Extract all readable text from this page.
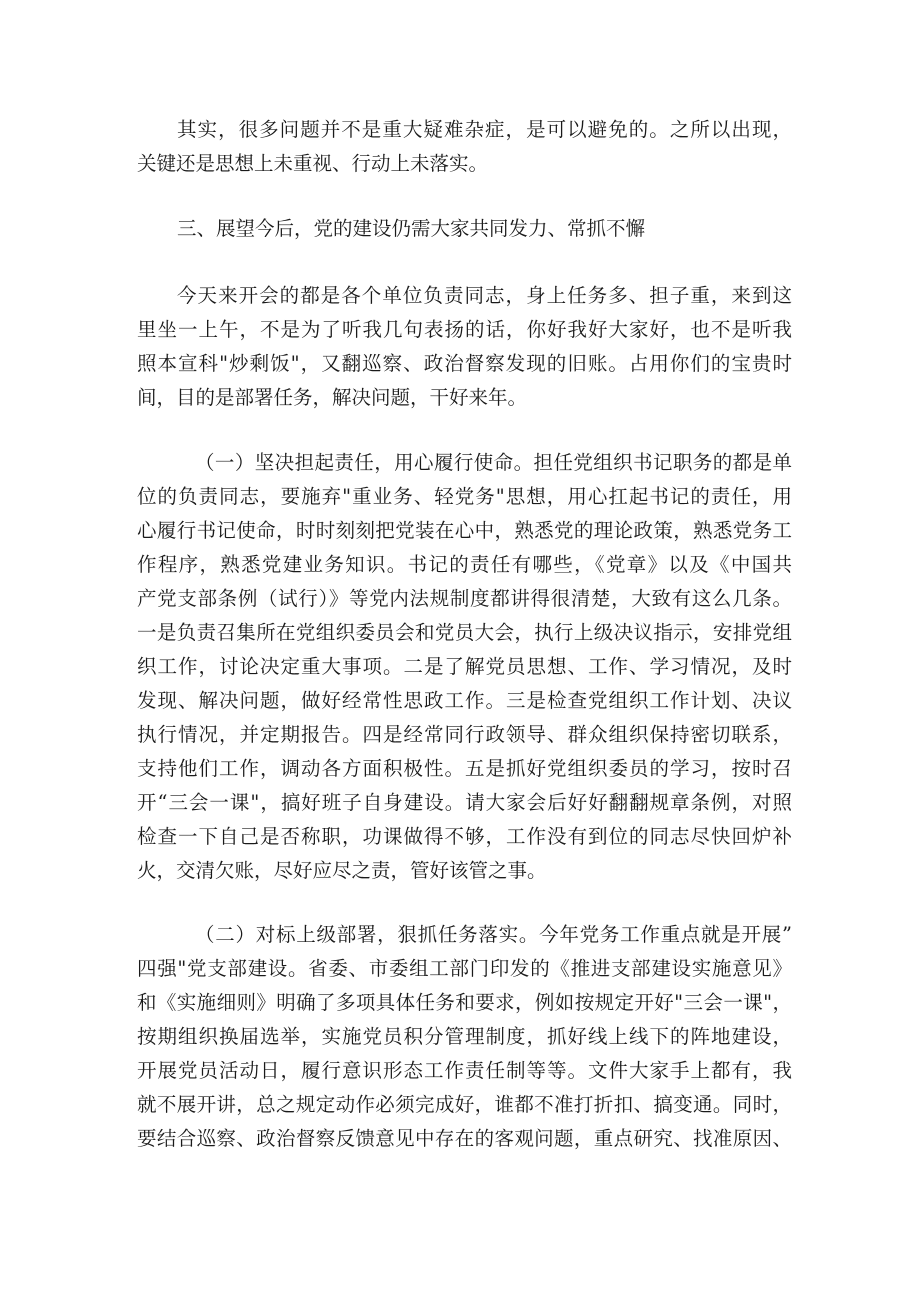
其实，很多问题并不是重大疑难杂症，是可以避免的。之所以出现，
关键还是思想上未重视、行动上未落实。
三、展望今后，党的建设仍需大家共同发力、常抓不懈
今天来开会的都是各个单位负责同志，身上任务多、担子重，来到这
里坐一上午，不是为了听我几句表扬的话，你好我好大家好，也不是听我
照本宣科"炒剩饭"，又翻巡察、政治督察发现的旧账。占用你们的宝贵时
间，目的是部署任务，解决问题，干好来年。
（一）坚决担起责任，用心履行使命。担任党组织书记职务的都是单
位的负责同志，要施弃"重业务、轻党务"思想，用心扛起书记的责任，用
心履行书记使命，时时刻刻把党装在心中，熟悉党的理论政策，熟悉党务工
作程序，熟悉党建业务知识。书记的责任有哪些，《党章》以及《中国共
产党支部条例（试行）》等党内法规制度都讲得很清楚，大致有这么几条。
一是负责召集所在党组织委员会和党员大会，执行上级决议指示，安排党组
织工作，讨论决定重大事项。二是了解党员思想、工作、学习情况，及时
发现、解决问题，做好经常性思政工作。三是检查党组织工作计划、决议
执行情况，并定期报告。四是经常同行政领导、群众组织保持密切联系，
支持他们工作，调动各方面积极性。五是抓好党组织委员的学习，按时召
开“三会一课"，搞好班子自身建设。请大家会后好好翻翻规章条例，对照
检查一下自己是否称职，功课做得不够，工作没有到位的同志尽快回炉补
火，交清欠账，尽好应尽之责，管好该管之事。
（二）对标上级部署，狠抓任务落实。今年党务工作重点就是开展”
四强"党支部建设。省委、市委组工部门印发的《推进支部建设实施意见》
和《实施细则》明确了多项具体任务和要求，例如按规定开好"三会一课"，
按期组织换届选举，实施党员积分管理制度，抓好线上线下的阵地建设，
开展党员活动日，履行意识形态工作责任制等等。文件大家手上都有，我
就不展开讲，总之规定动作必须完成好，谁都不准打折扣、搞变通。同时，
要结合巡察、政治督察反馈意见中存在的客观问题，重点研究、找准原因、
